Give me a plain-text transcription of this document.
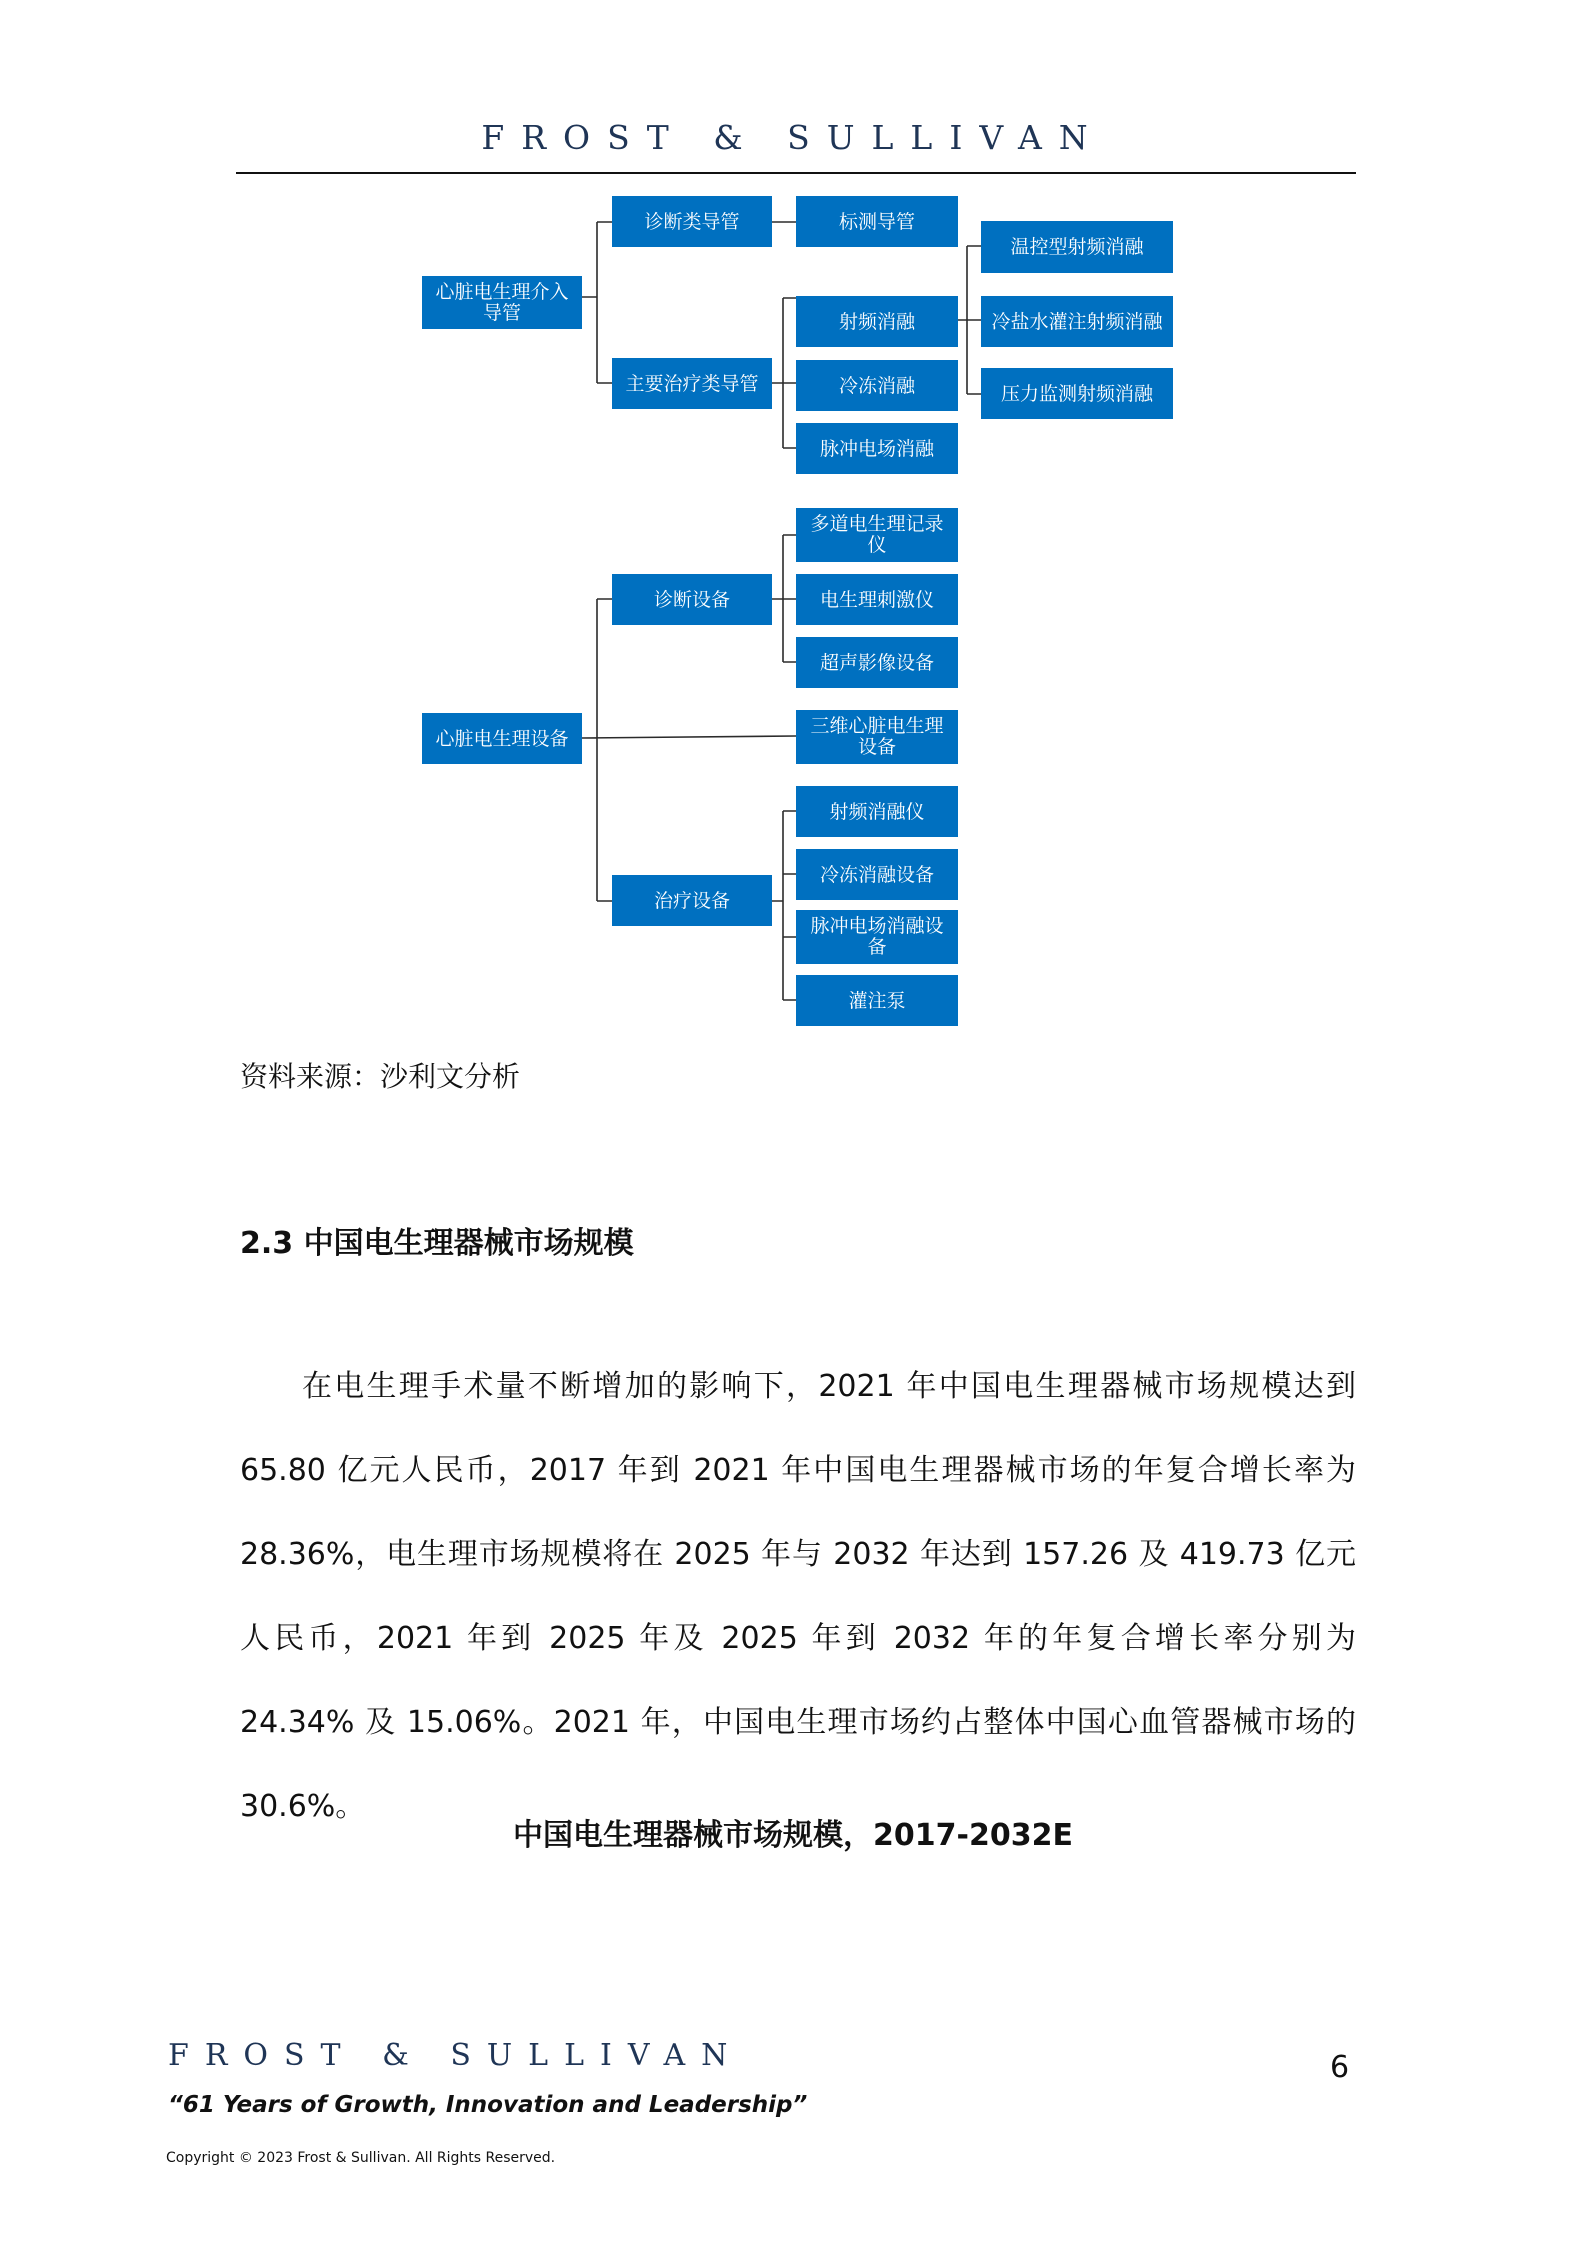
FROST & SULLIVAN
心脏电生理介入
导管
诊断类导管	标测导管
主要治疗类导管
射频消融
冷冻消融
脉冲电场消融
温控型射频消融
冷盐水灌注射频消融
压力监测射频消融
心脏电生理设备
诊断设备
多道电生理记录
仪
电生理刺激仪
超声影像设备
三维心脏电生理
设备
治疗设备
射频消融仪
冷冻消融设备
脉冲电场消融设
备
灌注泵
资料来源：沙利文分析
2.3 中国电生理器械市场规模

在电生理手术量不断增加的影响下，2021 年中国电生理器械市场规模达到 65.80 亿元人民币，2017 年到 2021 年中国电生理器械市场的年复合增长率为 28.36%，电生理市场规模将在 2025 年与 2032 年达到 157.26 及 419.73 亿元人民币，2021 年到 2025 年及 2025 年到 2032 年的年复合增长率分别为 24.34% 及 15.06%。2021 年，中国电生理市场约占整体中国心血管器械市场的 30.6%。

中国电生理器械市场规模，2017-2032E
FROST & SULLIVAN
“61 Years of Growth, Innovation and Leadership”
Copyright © 2023 Frost & Sullivan. All Rights Reserved.
6
